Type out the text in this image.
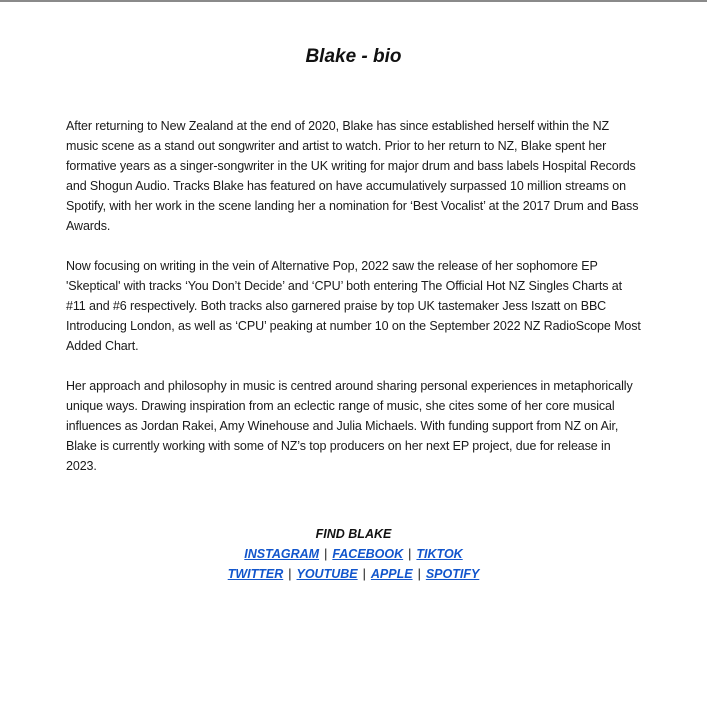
Blake - bio

After returning to New Zealand at the end of 2020, Blake has since established herself within the NZ music scene as a stand out songwriter and artist to watch. Prior to her return to NZ, Blake spent her formative years as a singer-songwriter in the UK writing for major drum and bass labels Hospital Records and Shogun Audio. Tracks Blake has featured on have accumulatively surpassed 10 million streams on Spotify, with her work in the scene landing her a nomination for ‘Best Vocalist’ at the 2017 Drum and Bass Awards.

Now focusing on writing in the vein of Alternative Pop, 2022 saw the release of her sophomore EP 'Skeptical' with tracks ‘You Don’t Decide’ and ‘CPU’ both entering The Official Hot NZ Singles Charts at #11 and #6 respectively. Both tracks also garnered praise by top UK tastemaker Jess Iszatt on BBC Introducing London, as well as ‘CPU’ peaking at number 10 on the September 2022 NZ RadioScope Most Added Chart.

Her approach and philosophy in music is centred around sharing personal experiences in metaphorically unique ways. Drawing inspiration from an eclectic range of music, she cites some of her core musical influences as Jordan Rakei, Amy Winehouse and Julia Michaels. With funding support from NZ on Air, Blake is currently working with some of NZ’s top producers on her next EP project, due for release in 2023.

FIND BLAKE
INSTAGRAM | FACEBOOK | TIKTOK
TWITTER | YOUTUBE | APPLE | SPOTIFY
